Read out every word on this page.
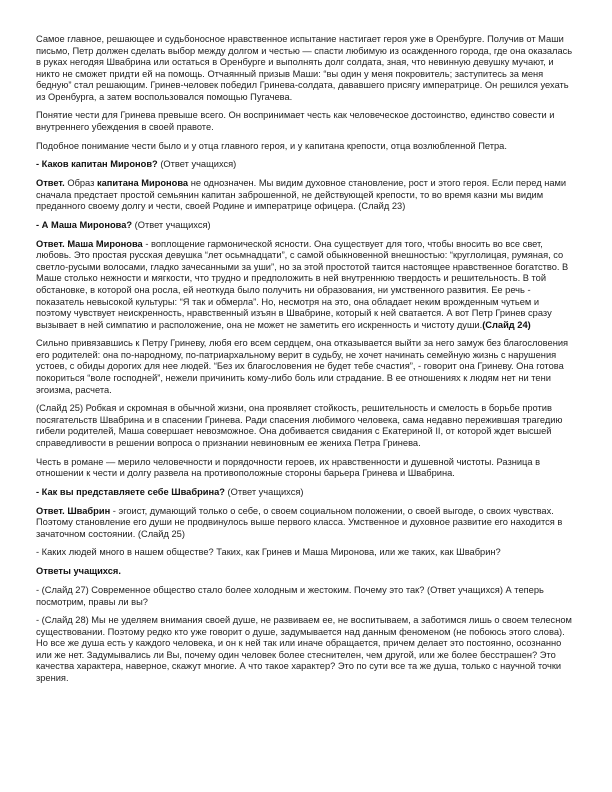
Самое главное, решающее и судьбоносное нравственное испытание настигает героя уже в Оренбурге. Получив от Маши письмо, Петр должен сделать выбор между долгом и честью — спасти любимую из осажденного города, где она оказалась в руках негодяя Швабрина или остаться в Оренбурге и выполнять долг солдата, зная, что невинную девушку мучают, и никто не сможет придти ей на помощь. Отчаянный призыв Маши: “вы один у меня покровитель; заступитесь за меня бедную” стал решающим. Гринев-человек победил Гринева-солдата, дававшего присягу императрице. Он решился уехать из Оренбурга, а затем воспользовался помощью Пугачева.

Понятие чести для Гринева превыше всего. Он воспринимает честь как человеческое достоинство, единство совести и внутреннего убеждения в своей правоте.

Подобное понимание чести было и у отца главного героя, и у капитана крепости, отца возлюбленной Петра.

- Каков капитан Миронов? (Ответ учащихся)

Ответ. Образ капитана Миронова не однозначен. Мы видим духовное становление, рост и этого героя. Если перед нами сначала предстает простой семьянин капитан заброшенной, не действующей крепости, то во время казни мы видим преданного своему долгу и чести, своей Родине и императрице офицера. (Слайд 23)

- А Маша Миронова? (Ответ учащихся)

Ответ. Маша Миронова - воплощение гармонической ясности. Она существует для того, чтобы вносить во все свет, любовь. Это простая русская девушка “лет осьмнадцати”, с самой обыкновенной внешностью: “круглолицая, румяная, со светло-русыми волосами, гладко зачесанными за уши”, но за этой простотой таится настоящее нравственное богатство. В Маше столько нежности и мягкости, что трудно и предположить в ней внутреннюю твердость и решительность. В той обстановке, в которой она росла, ей неоткуда было получить ни образования, ни умственного развития. Ее речь - показатель невысокой культуры: “Я так и обмерла”. Но, несмотря на это, она обладает неким врожденным чутьем и поэтому чувствует неискренность, нравственный изъян в Швабрине, который к ней сватается. А вот Петр Гринев сразу вызывает в ней симпатию и расположение, она не может не заметить его искренность и чистоту души.(Слайд 24)

Сильно привязавшись к Петру Гриневу, любя его всем сердцем, она отказывается выйти за него замуж без благословения его родителей: она по-народному, по-патриархальному верит в судьбу, не хочет начинать семейную жизнь с нарушения устоев, с обиды дорогих для нее людей. “Без их благословения не будет тебе счастия”, - говорит она Гриневу. Она готова покориться “воле господней”, нежели причинить кому-либо боль или страдание. В ее отношениях к людям нет ни тени эгоизма, расчета.

(Слайд 25) Робкая и скромная в обычной жизни, она проявляет стойкость, решительность и смелость в борьбе против посягательств Швабрина и в спасении Гринева. Ради спасения любимого человека, сама недавно пережившая трагедию гибели родителей, Маша совершает невозможное. Она добивается свидания с Екатериной II, от которой ждет высшей справедливости в решении вопроса о признании невиновным ее жениха Петра Гринева.

Честь в романе — мерило человечности и порядочности героев, их нравственности и душевной чистоты. Разница в отношении к чести и долгу развела на противоположные стороны барьера Гринева и Швабрина.

- Как вы представляете себе Швабрина? (Ответ учащихся)

Ответ. Швабрин - эгоист, думающий только о себе, о своем социальном положении, о своей выгоде, о своих чувствах. Поэтому становление его души не продвинулось выше первого класса. Умственное и духовное развитие его находится в зачаточном состоянии. (Слайд 25)

- Каких людей много в нашем обществе? Таких, как Гринев и Маша Миронова, или же таких, как Швабрин?

Ответы учащихся.

- (Слайд 27) Современное общество стало более холодным и жестоким. Почему это так? (Ответ учащихся) А теперь посмотрим, правы ли вы?

- (Слайд 28) Мы не уделяем внимания своей душе, не развиваем ее, не воспитываем, а заботимся лишь о своем телесном существовании. Поэтому редко кто уже говорит о душе, задумывается над данным феноменом (не побоюсь этого слова). Но все же душа есть у каждого человека, и он к ней так или иначе обращается, причем делает это постоянно, осознанно или же нет. Задумывались ли Вы, почему один человек более стеснителен, чем другой, или же более бесстрашен? Это качества характера, наверное, скажут многие. А что такое характер? Это по сути все та же душа, только с научной точки зрения.
